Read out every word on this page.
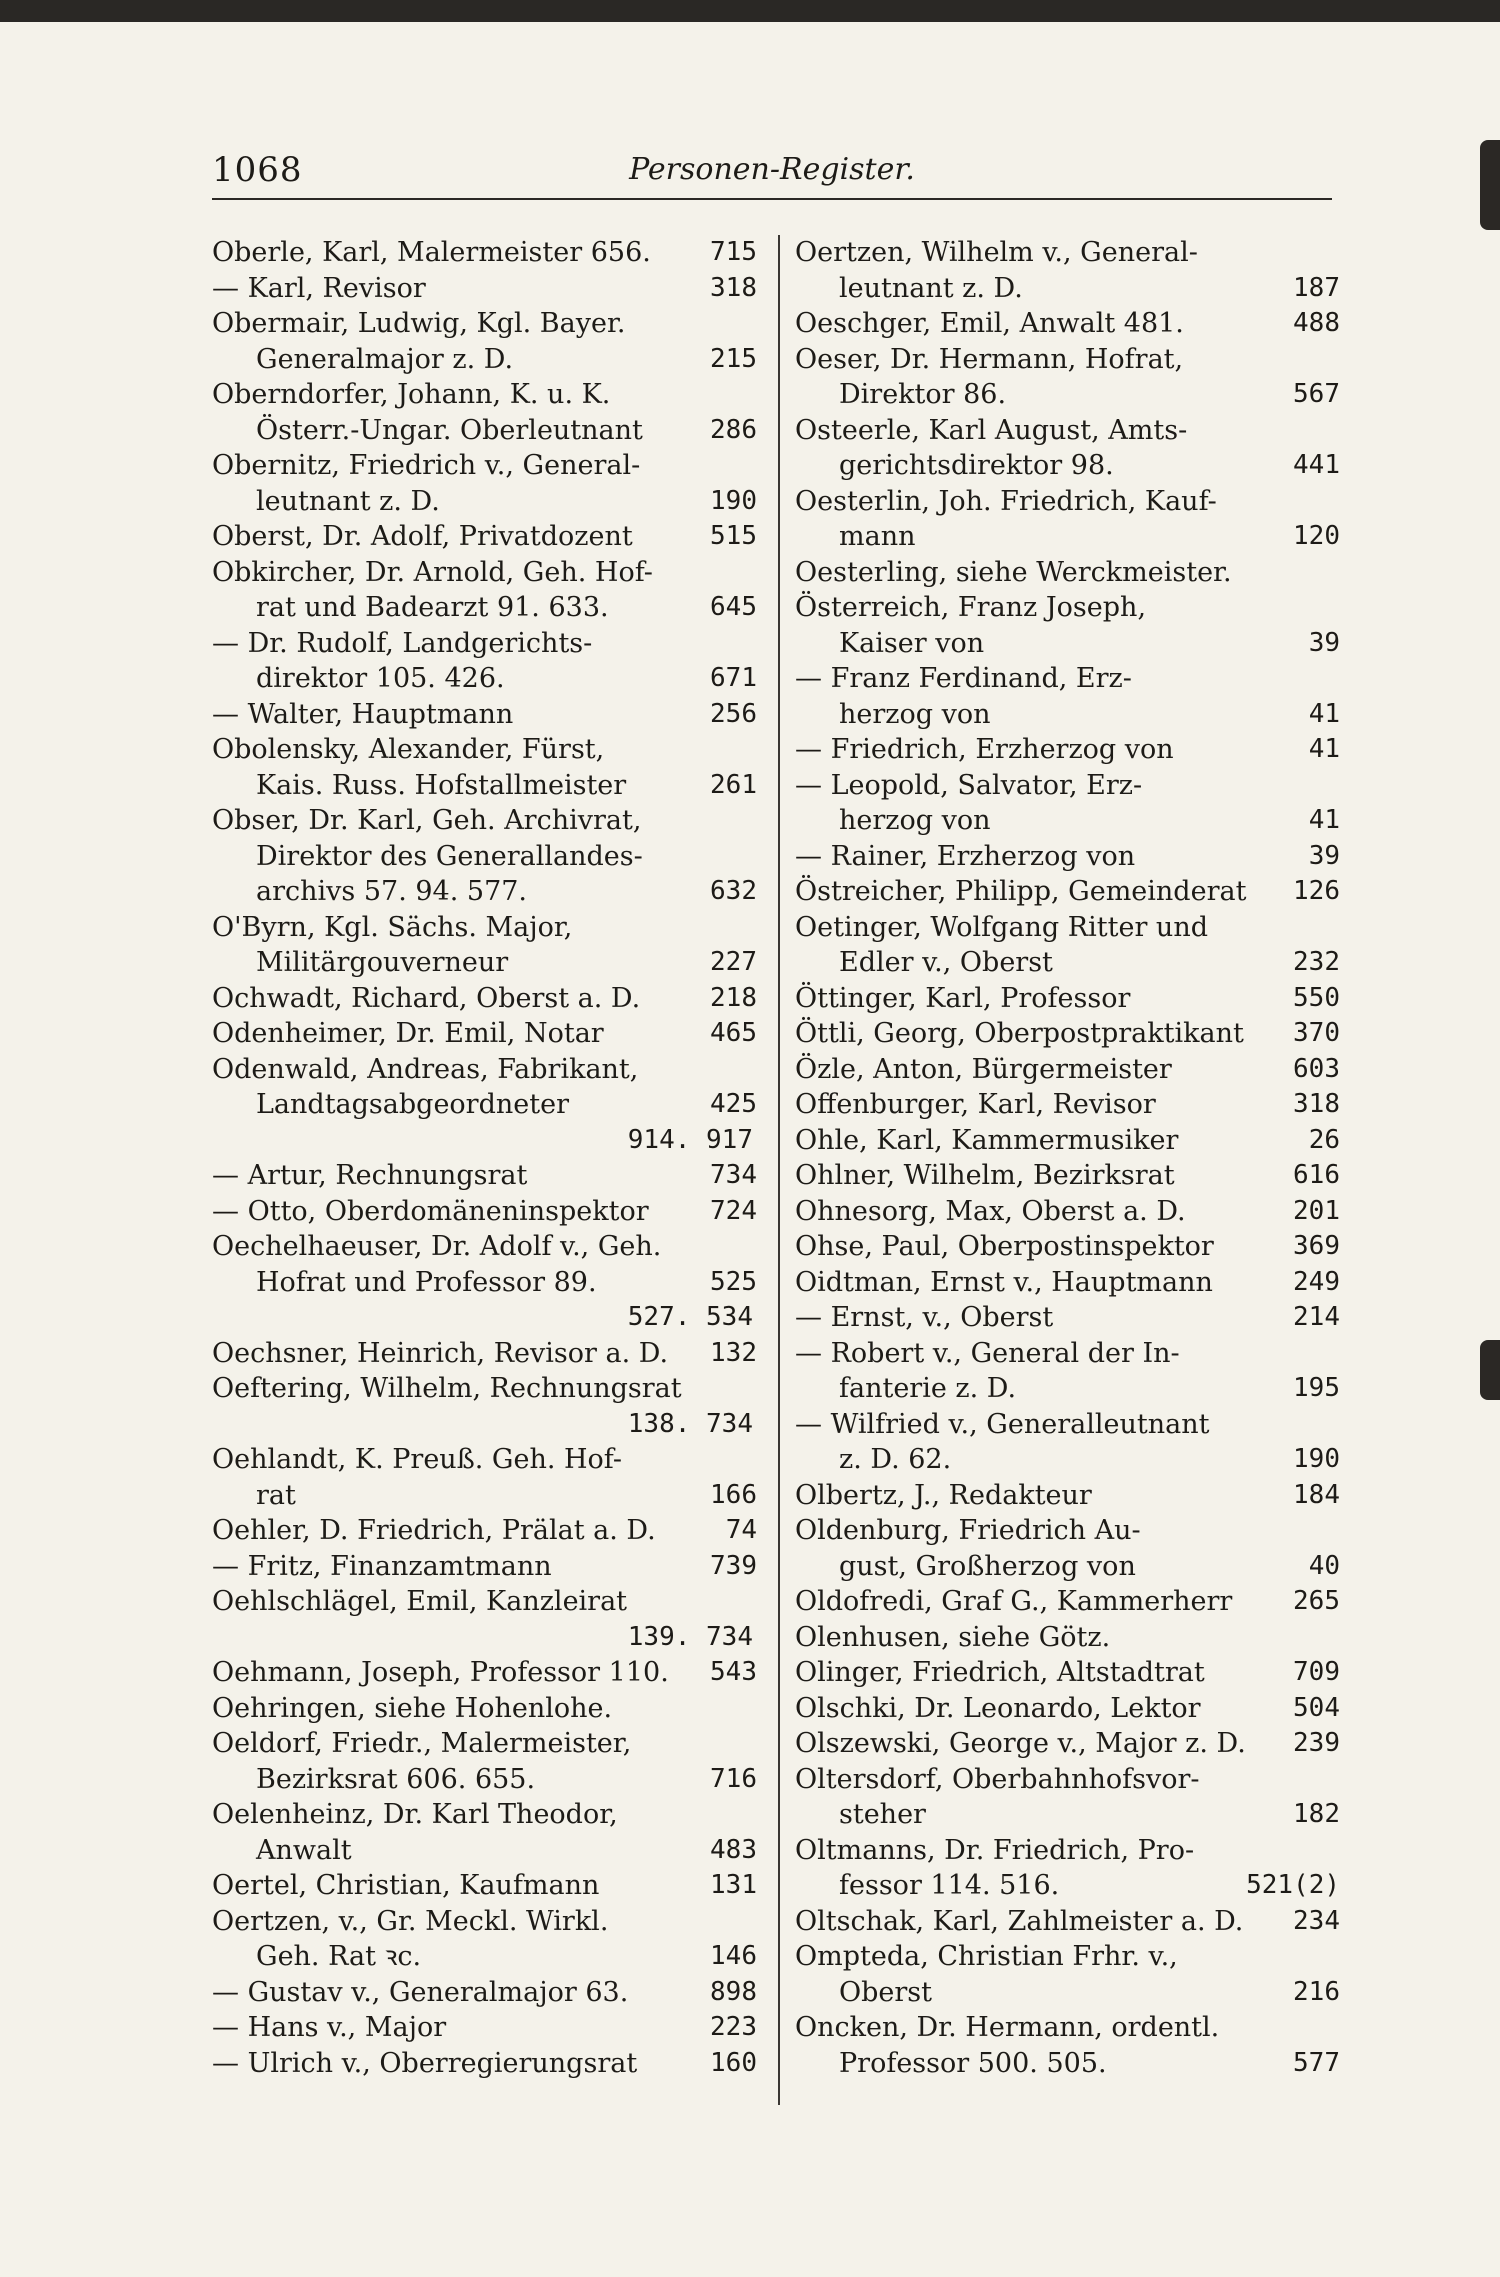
1068	Personen-Register.
Oberle, Karl, Malermeister 656. 715
— Karl, Revisor	318
Obermair, Ludwig, Kgl. Bayer.
Generalmajor z. D.	215
Oberndorfer, Johann, K. u. K.
Österr.-Ungar. Oberleutnant	286
Obernitz, Friedrich v., General-
leutnant z. D.	190
Oberst, Dr. Adolf, Privatdozent	515
Obkircher, Dr. Arnold, Geh. Hof-
rat und Badearzt 91. 633.	645
— Dr. Rudolf, Landgerichts-
direktor 105. 426.	671
— Walter, Hauptmann	256
Obolensky, Alexander, Fürst,
Kais. Russ. Hofstallmeister	261
Obser, Dr. Karl, Geh. Archivrat,
Direktor des Generallandes-
archivs 57. 94. 577.	632
O'Byrn, Kgl. Sächs. Major,
Militärgouverneur	227
Ochwadt, Richard, Oberst a. D.	218
Odenheimer, Dr. Emil, Notar	465
Odenwald, Andreas, Fabrikant,
Landtagsabgeordneter	425
914. 917
— Artur, Rechnungsrat	734
— Otto, Oberdomäneninspektor 724
Oechelhaeuser, Dr. Adolf v., Geh.
Hofrat und Professor 89.	525
527. 534
Oechsner, Heinrich, Revisor a. D. 132
Oeftering, Wilhelm, Rechnungsrat
138. 734
Oehlandt, K. Preuß. Geh. Hof-
rat	166
Oehler, D. Friedrich, Prälat a. D.	74
— Fritz, Finanzamtmann	739
Oehlschlägel, Emil, Kanzleirat
139. 734
Oehmann, Joseph, Professor 110. 543
Oehringen, siehe Hohenlohe.
Oeldorf, Friedr., Malermeister,
Bezirksrat 606. 655.	716
Oelenheinz, Dr. Karl Theodor,
Anwalt	483
Oertel, Christian, Kaufmann	131
Oertzen, v., Gr. Meckl. Wirkl.
Geh. Rat ꝛc.	146
— Gustav v., Generalmajor 63.	898
— Hans v., Major	223
— Ulrich v., Oberregierungsrat	160
Oertzen, Wilhelm v., General-
leutnant z. D.	187
Oeschger, Emil, Anwalt 481.	488
Oeser, Dr. Hermann, Hofrat,
Direktor 86.	567
Osteerle, Karl August, Amts-
gerichtsdirektor 98.	441
Oesterlin, Joh. Friedrich, Kauf-
mann	120
Oesterling, siehe Werckmeister.
Österreich, Franz Joseph,
Kaiser von	39
— Franz Ferdinand, Erz-
herzog von	41
— Friedrich, Erzherzog von	41
— Leopold, Salvator, Erz-
herzog von	41
— Rainer, Erzherzog von	39
Östreicher, Philipp, Gemeinderat 126
Oetinger, Wolfgang Ritter und
Edler v., Oberst	232
Öttinger, Karl, Professor	550
Öttli, Georg, Oberpostpraktikant 370
Özle, Anton, Bürgermeister	603
Offenburger, Karl, Revisor	318
Ohle, Karl, Kammermusiker	26
Ohlner, Wilhelm, Bezirksrat	616
Ohnesorg, Max, Oberst a. D.	201
Ohse, Paul, Oberpostinspektor	369
Oidtman, Ernst v., Hauptmann	249
— Ernst, v., Oberst	214
— Robert v., General der In-
fanterie z. D.	195
— Wilfried v., Generalleutnant
z. D. 62.	190
Olbertz, J., Redakteur	184
Oldenburg, Friedrich Au-
gust, Großherzog von	40
Oldofredi, Graf G., Kammerherr 265
Olenhusen, siehe Götz.
Olinger, Friedrich, Altstadtrat	709
Olschki, Dr. Leonardo, Lektor	504
Olszewski, George v., Major z. D. 239
Oltersdorf, Oberbahnhofsvor-
steher	182
Oltmanns, Dr. Friedrich, Pro-
fessor 114. 516.	521(2)
Oltschak, Karl, Zahlmeister a. D. 234
Ompteda, Christian Frhr. v.,
Oberst	216
Oncken, Dr. Hermann, ordentl.
Professor 500. 505.	577
